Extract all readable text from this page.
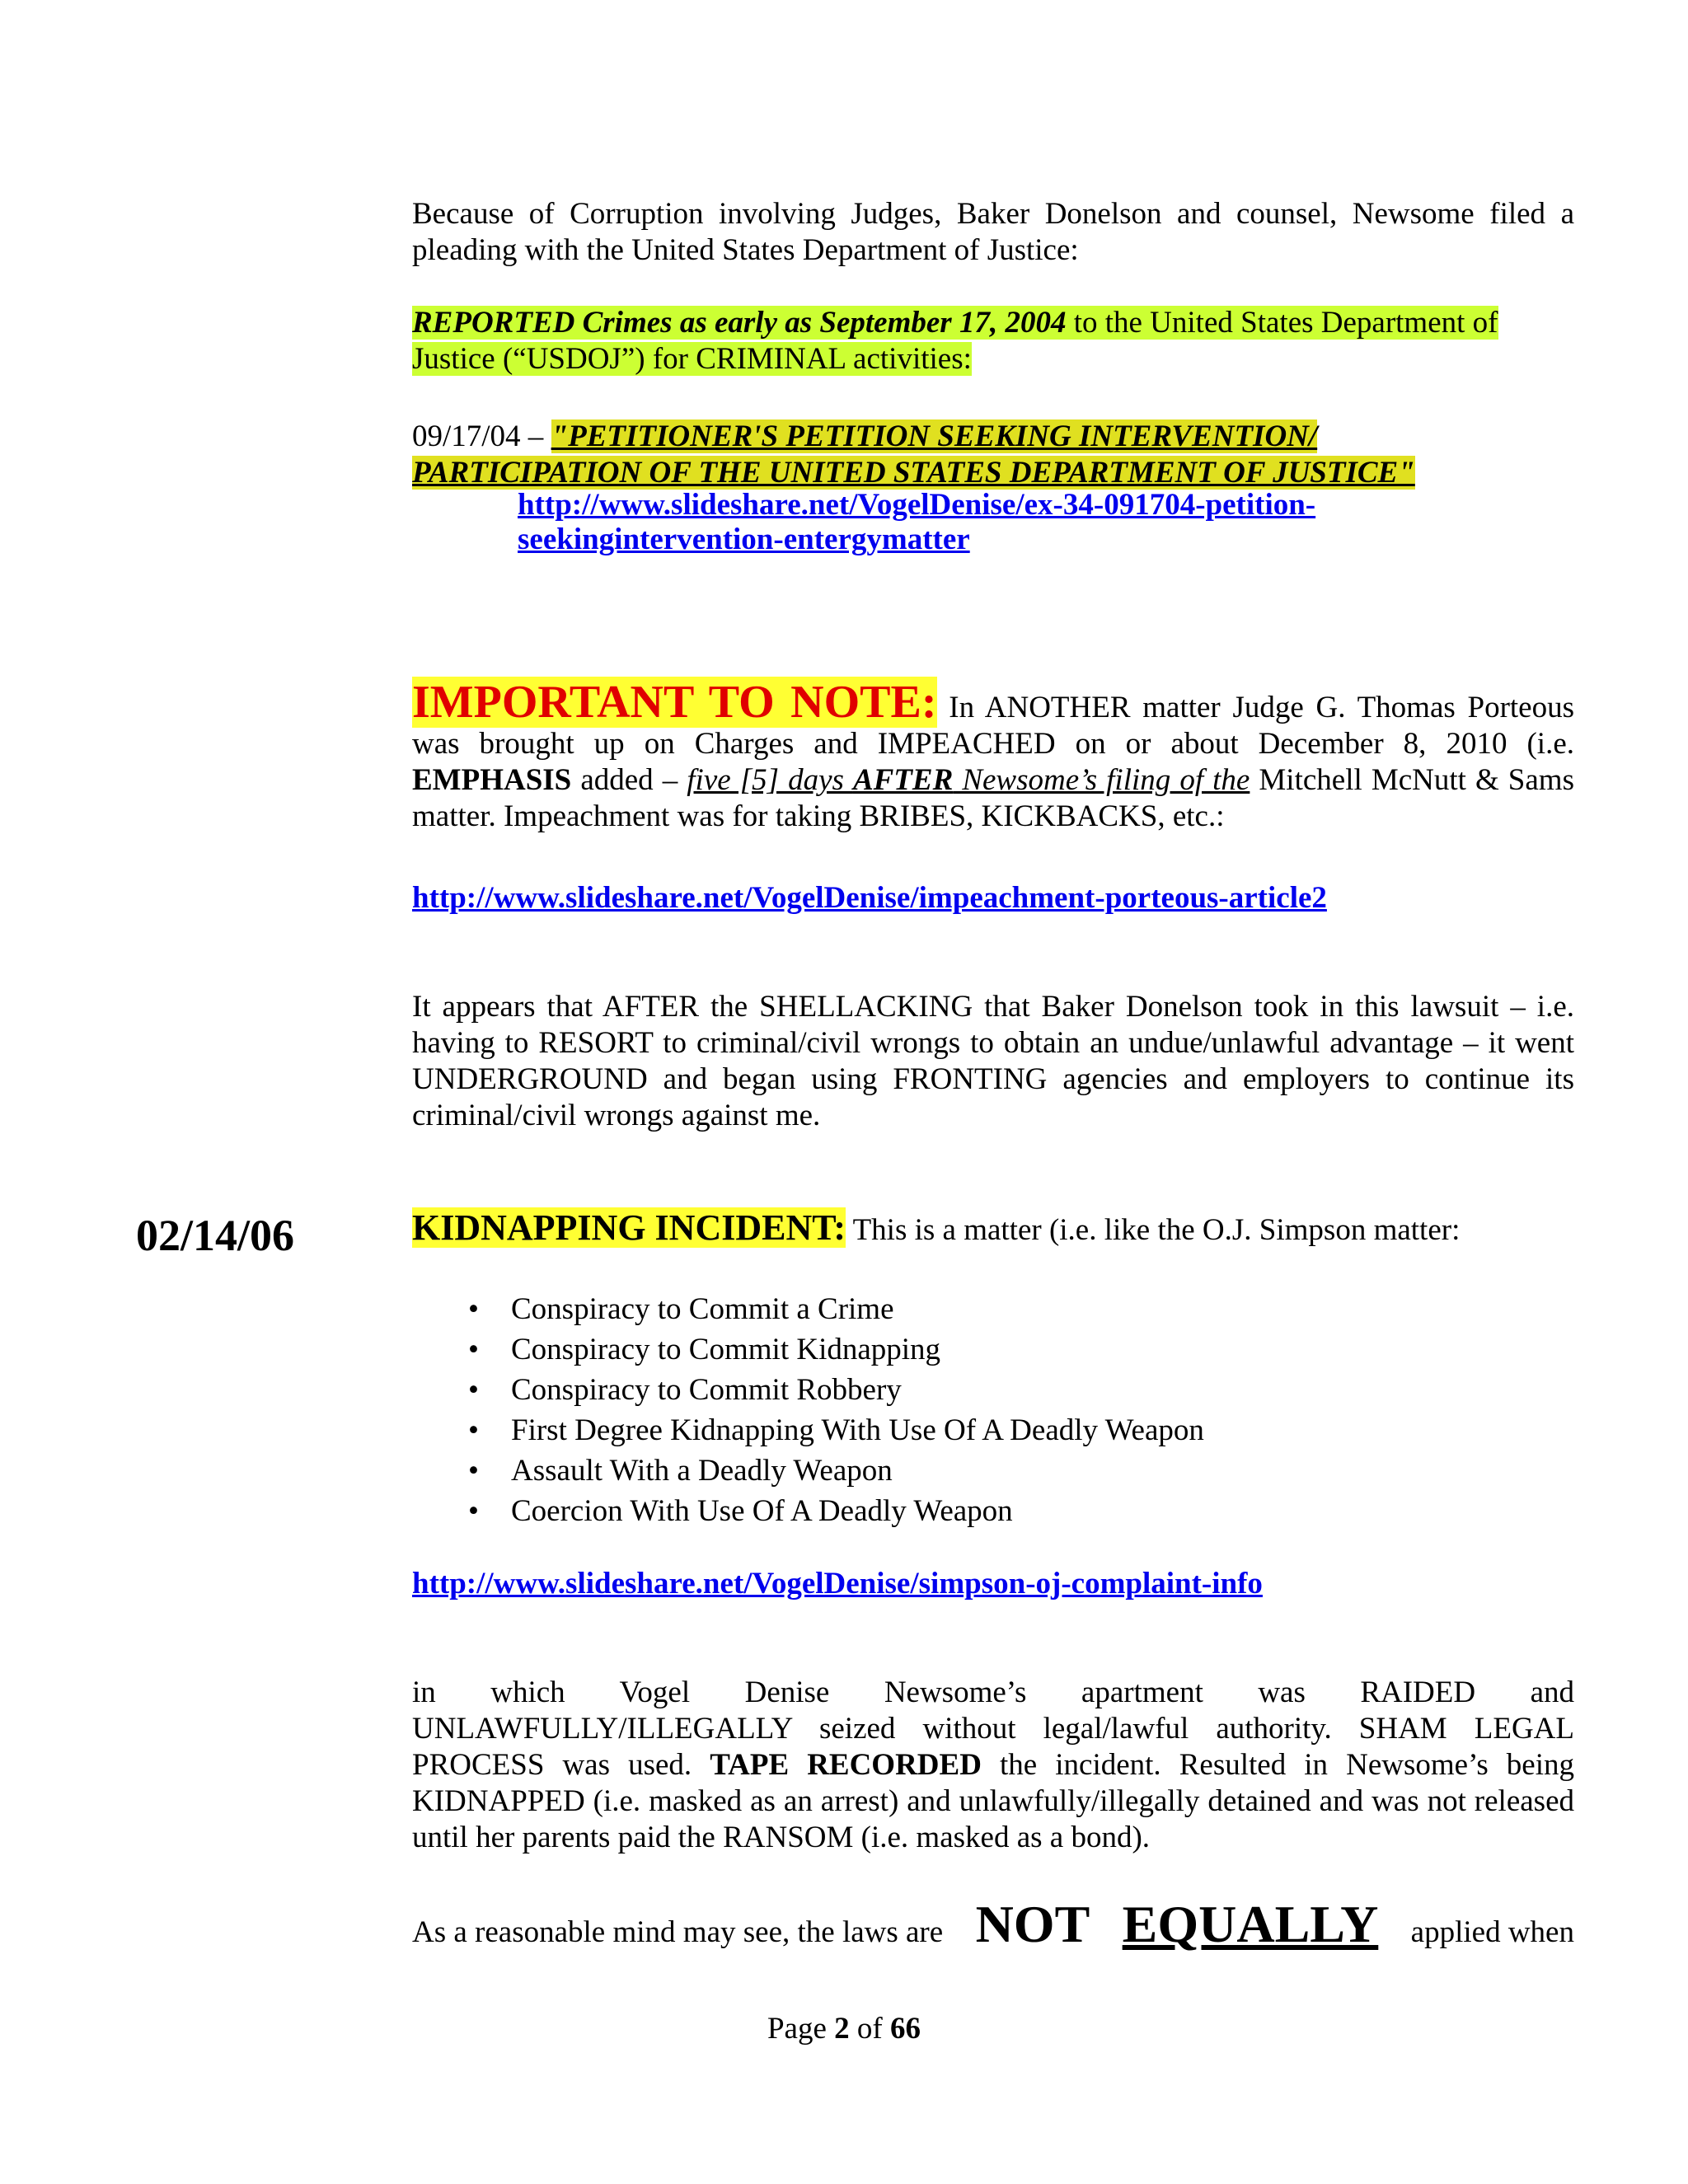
Because of Corruption involving Judges, Baker Donelson and counsel, Newsome filed a pleading with the United States Department of Justice:
REPORTED Crimes as early as September 17, 2004 to the United States Department of Justice (“USDOJ”) for CRIMINAL activities:
09/17/04 – "PETITIONER'S PETITION SEEKING INTERVENTION/
PARTICIPATION OF THE UNITED STATES DEPARTMENT OF JUSTICE"
http://www.slideshare.net/VogelDenise/ex-34-091704-petition-
seekingintervention-entergymatter
IMPORTANT TO NOTE: In ANOTHER matter Judge G. Thomas Porteous was brought up on Charges and IMPEACHED on or about December 8, 2010 (i.e. EMPHASIS added – five [5] days AFTER Newsome’s filing of the Mitchell McNutt & Sams matter. Impeachment was for taking BRIBES, KICKBACKS, etc.:
http://www.slideshare.net/VogelDenise/impeachment-porteous-article2
It appears that AFTER the SHELLACKING that Baker Donelson took in this lawsuit – i.e. having to RESORT to criminal/civil wrongs to obtain an undue/unlawful advantage – it went UNDERGROUND and began using FRONTING agencies and employers to continue its criminal/civil wrongs against me.
02/14/06	KIDNAPPING INCIDENT: This is a matter (i.e. like the O.J. Simpson matter:
• Conspiracy to Commit a Crime
• Conspiracy to Commit Kidnapping
• Conspiracy to Commit Robbery
• First Degree Kidnapping With Use Of A Deadly Weapon
• Assault With a Deadly Weapon
• Coercion With Use Of A Deadly Weapon
http://www.slideshare.net/VogelDenise/simpson-oj-complaint-info
in which Vogel Denise Newsome’s apartment was RAIDED and
UNLAWFULLY/ILLEGALLY seized without legal/lawful authority. SHAM LEGAL PROCESS was used. TAPE RECORDED the incident. Resulted in Newsome’s being KIDNAPPED (i.e. masked as an arrest) and unlawfully/illegally detained and was not released until her parents paid the RANSOM (i.e. masked as a bond).
As a reasonable mind may see, the laws are NOT EQUALLY applied when
Page 2 of 66
